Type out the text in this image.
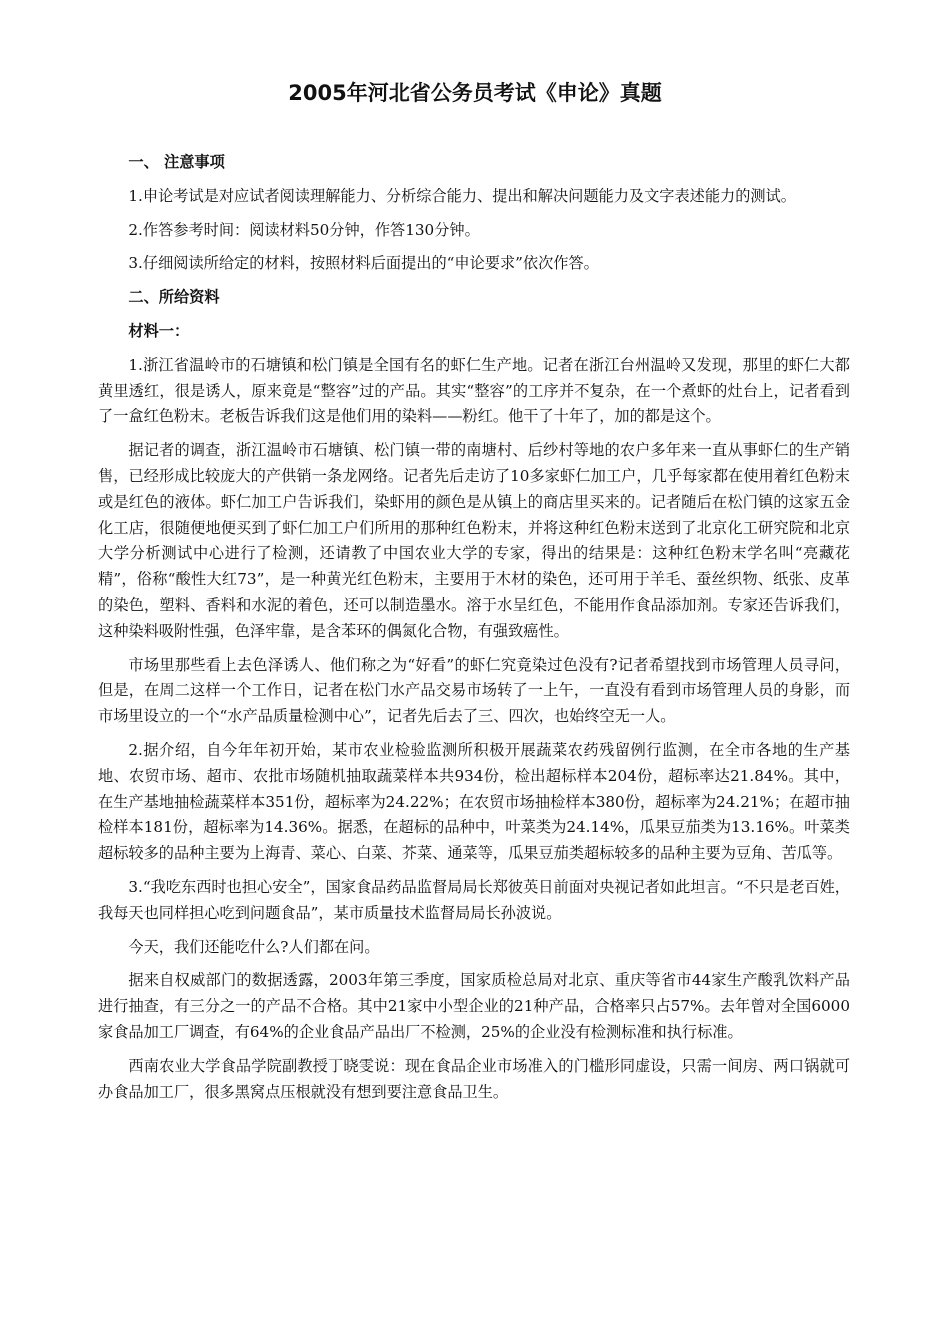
2005年河北省公务员考试《申论》真题

一、 注意事项

1.申论考试是对应试者阅读理解能力、分析综合能力、提出和解决问题能力及文字表述能力的测试。

2.作答参考时间：阅读材料50分钟，作答130分钟。

3.仔细阅读所给定的材料，按照材料后面提出的“申论要求”依次作答。

二、所给资料

材料一：

1.浙江省温岭市的石塘镇和松门镇是全国有名的虾仁生产地。记者在浙江台州温岭又发现，那里的虾仁大都黄里透红，很是诱人，原来竟是“整容”过的产品。其实“整容”的工序并不复杂，在一个煮虾的灶台上，记者看到了一盒红色粉末。老板告诉我们这是他们用的染料——粉红。他干了十年了，加的都是这个。

据记者的调查，浙江温岭市石塘镇、松门镇一带的南塘村、后纱村等地的农户多年来一直从事虾仁的生产销售，已经形成比较庞大的产供销一条龙网络。记者先后走访了10多家虾仁加工户，几乎每家都在使用着红色粉末或是红色的液体。虾仁加工户告诉我们，染虾用的颜色是从镇上的商店里买来的。记者随后在松门镇的这家五金化工店，很随便地便买到了虾仁加工户们所用的那种红色粉末，并将这种红色粉末送到了北京化工研究院和北京大学分析测试中心进行了检测，还请教了中国农业大学的专家，得出的结果是：这种红色粉末学名叫“亮藏花精”，俗称“酸性大红73”，是一种黄光红色粉末，主要用于木材的染色，还可用于羊毛、蚕丝织物、纸张、皮革的染色，塑料、香料和水泥的着色，还可以制造墨水。溶于水呈红色，不能用作食品添加剂。专家还告诉我们，这种染料吸附性强，色泽牢靠，是含苯环的偶氮化合物，有强致癌性。

市场里那些看上去色泽诱人、他们称之为“好看”的虾仁究竟染过色没有?记者希望找到市场管理人员寻问，但是，在周二这样一个工作日，记者在松门水产品交易市场转了一上午，一直没有看到市场管理人员的身影，而市场里设立的一个“水产品质量检测中心”，记者先后去了三、四次，也始终空无一人。

2.据介绍，自今年年初开始，某市农业检验监测所积极开展蔬菜农药残留例行监测，在全市各地的生产基地、农贸市场、超市、农批市场随机抽取蔬菜样本共934份，检出超标样本204份，超标率达21.84%。其中，在生产基地抽检蔬菜样本351份，超标率为24.22%；在农贸市场抽检样本380份，超标率为24.21%；在超市抽检样本181份，超标率为14.36%。据悉，在超标的品种中，叶菜类为24.14%，瓜果豆茄类为13.16%。叶菜类超标较多的品种主要为上海青、菜心、白菜、芥菜、通菜等，瓜果豆茄类超标较多的品种主要为豆角、苦瓜等。

3.“我吃东西时也担心安全”，国家食品药品监督局局长郑彼英日前面对央视记者如此坦言。“不只是老百姓，我每天也同样担心吃到问题食品”，某市质量技术监督局局长孙波说。

今天，我们还能吃什么?人们都在问。

据来自权威部门的数据透露，2003年第三季度，国家质检总局对北京、重庆等省市44家生产酸乳饮料产品进行抽查，有三分之一的产品不合格。其中21家中小型企业的21种产品，合格率只占57%。去年曾对全国6000家食品加工厂调查，有64%的企业食品产品出厂不检测，25%的企业没有检测标准和执行标准。

西南农业大学食品学院副教授丁晓雯说：现在食品企业市场准入的门槛形同虚设，只需一间房、两口锅就可办食品加工厂，很多黑窝点压根就没有想到要注意食品卫生。
